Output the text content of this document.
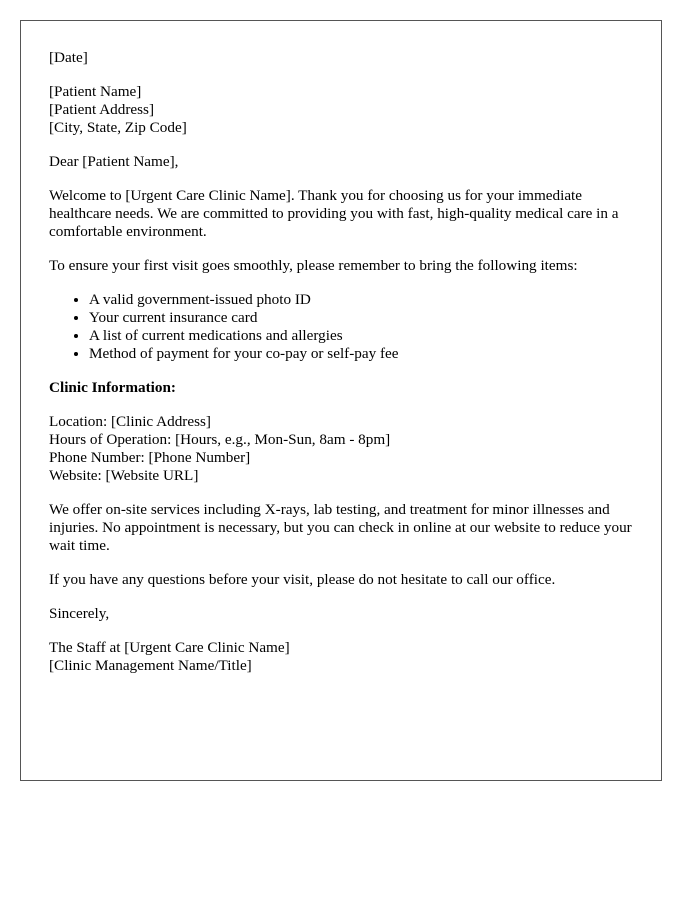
[Date]
[Patient Name]
[Patient Address]
[City, State, Zip Code]

Dear [Patient Name],

Welcome to [Urgent Care Clinic Name]. Thank you for choosing us for your immediate healthcare needs. We are committed to providing you with fast, high-quality medical care in a comfortable environment.

To ensure your first visit goes smoothly, please remember to bring the following items:

• A valid government-issued photo ID
• Your current insurance card
• A list of current medications and allergies
• Method of payment for your co-pay or self-pay fee
Clinic Information:
Location: [Clinic Address]
Hours of Operation: [Hours, e.g., Mon-Sun, 8am - 8pm]
Phone Number: [Phone Number]
Website: [Website URL]

We offer on-site services including X-rays, lab testing, and treatment for minor illnesses and injuries. No appointment is necessary, but you can check in online at our website to reduce your wait time.

If you have any questions before your visit, please do not hesitate to call our office.

Sincerely,

The Staff at [Urgent Care Clinic Name]
[Clinic Management Name/Title]
